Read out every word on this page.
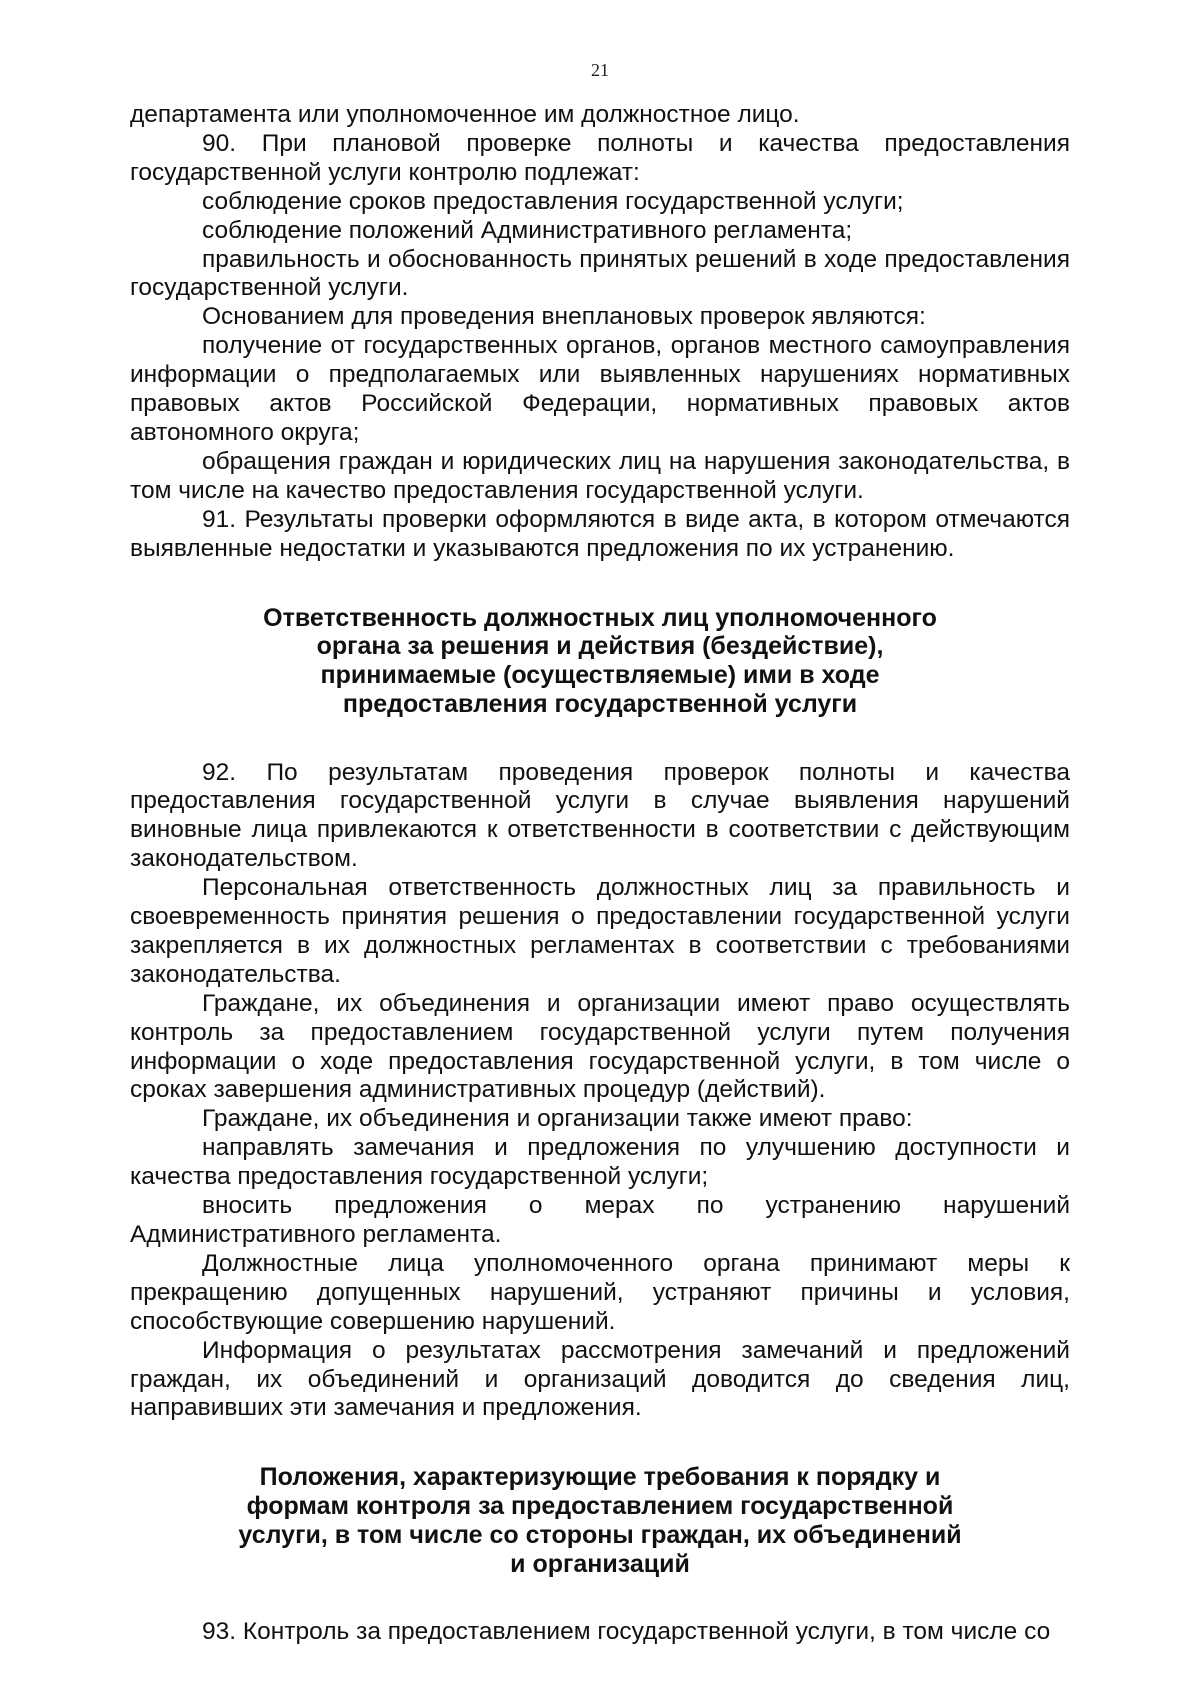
21

департамента или уполномоченное им должностное лицо.

90. При плановой проверке полноты и качества предоставления государственной услуги контролю подлежат:

соблюдение сроков предоставления государственной услуги;

соблюдение положений Административного регламента;

правильность и обоснованность принятых решений в ходе предоставления государственной услуги.

Основанием для проведения внеплановых проверок являются:

получение от государственных органов, органов местного самоуправления информации о предполагаемых или выявленных нарушениях нормативных правовых актов Российской Федерации, нормативных правовых актов автономного округа;

обращения граждан и юридических лиц на нарушения законодательства, в том числе на качество предоставления государственной услуги.

91. Результаты проверки оформляются в виде акта, в котором отмечаются выявленные недостатки и указываются предложения по их устранению.

Ответственность должностных лиц уполномоченного органа за решения и действия (бездействие), принимаемые (осуществляемые) ими в ходе предоставления государственной услуги

92. По результатам проведения проверок полноты и качества предоставления государственной услуги в случае выявления нарушений виновные лица привлекаются к ответственности в соответствии с действующим законодательством.

Персональная ответственность должностных лиц за правильность и своевременность принятия решения о предоставлении государственной услуги закрепляется в их должностных регламентах в соответствии с требованиями законодательства.

Граждане, их объединения и организации имеют право осуществлять контроль за предоставлением государственной услуги путем получения информации о ходе предоставления государственной услуги, в том числе о сроках завершения административных процедур (действий).

Граждане, их объединения и организации также имеют право:

направлять замечания и предложения по улучшению доступности и качества предоставления государственной услуги;

вносить предложения о мерах по устранению нарушений Административного регламента.

Должностные лица уполномоченного органа принимают меры к прекращению допущенных нарушений, устраняют причины и условия, способствующие совершению нарушений.

Информация о результатах рассмотрения замечаний и предложений граждан, их объединений и организаций доводится до сведения лиц, направивших эти замечания и предложения.

Положения, характеризующие требования к порядку и формам контроля за предоставлением государственной услуги, в том числе со стороны граждан, их объединений и организаций

93. Контроль за предоставлением государственной услуги, в том числе со
